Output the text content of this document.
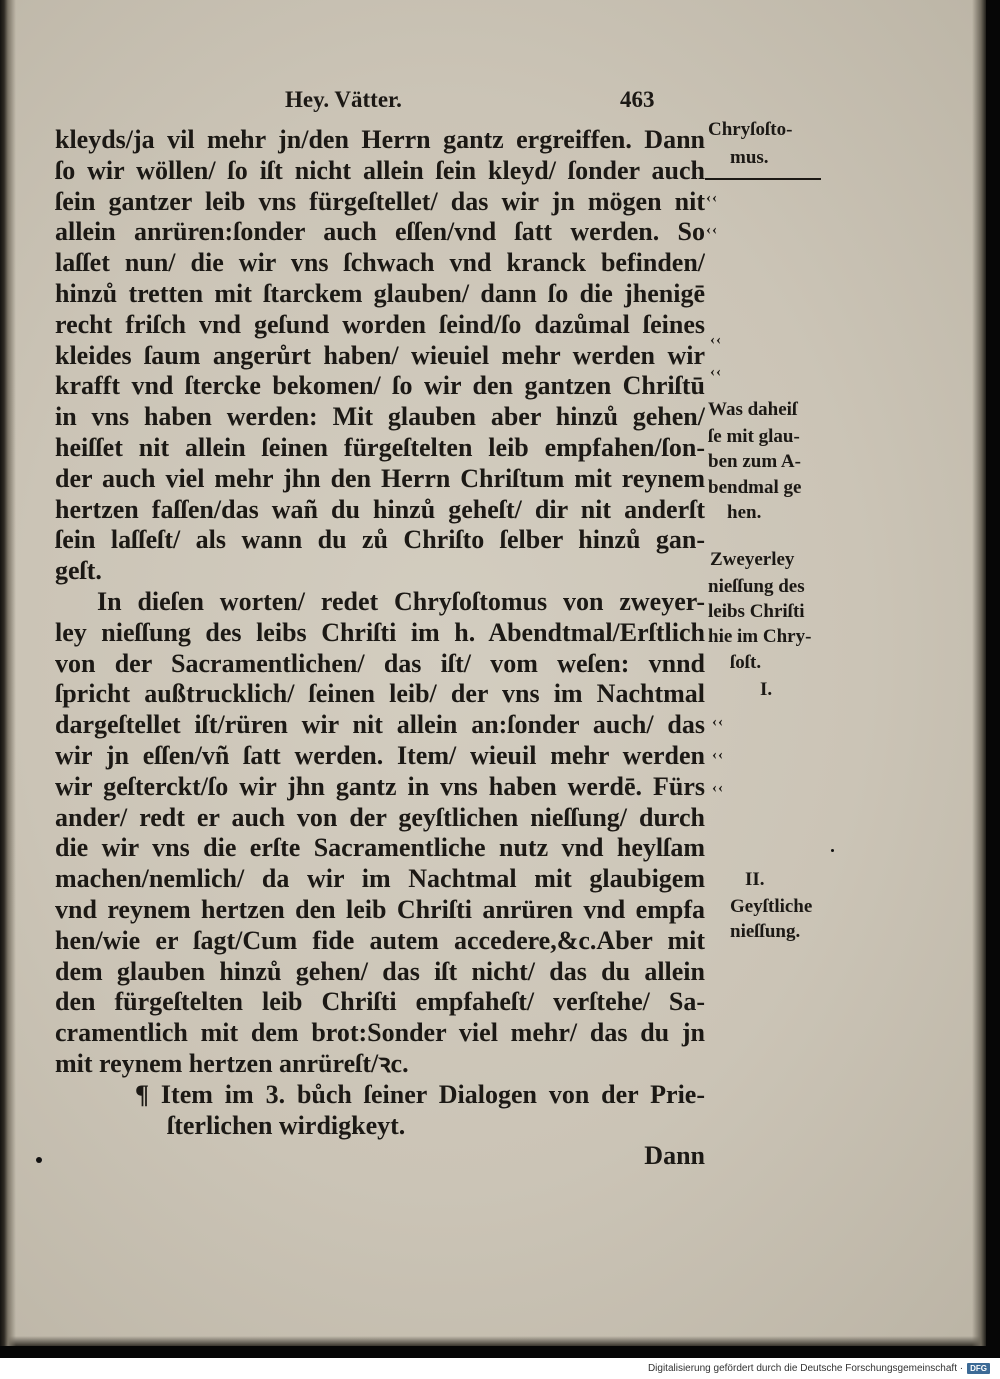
Hey. Vätter.	463
kleyds/ja vil mehr jn/den Herrn gantz ergreiffen. Dann
ſo wir wöllen/ ſo iſt nicht allein ſein kleyd/ ſonder auch
ſein gantzer leib vns fürgeſtellet/ das wir jn mögen nit
allein anrüren:ſonder auch eſſen/vnd ſatt werden. So
laſſet nun/ die wir vns ſchwach vnd kranck befinden/
hinzů tretten mit ſtarckem glauben/ dann ſo die jhenigē
recht friſch vnd geſund worden ſeind/ſo dazůmal ſeines
kleides ſaum angerůrt haben/ wieuiel mehr werden wir
krafft vnd ſtercke bekomen/ ſo wir den gantzen Chriſtū
in vns haben werden: Mit glauben aber hinzů gehen/
heiſſet nit allein ſeinen fürgeſtelten leib empfahen/ſon-
der auch viel mehr jhn den Herrn Chriſtum mit reynem
hertzen faſſen/das wañ du hinzů geheſt/ dir nit anderſt
ſein laſſeſt/ als wann du zů Chriſto ſelber hinzů gan-
geſt.
In dieſen worten/ redet Chryſoſtomus von zweyer-
ley nieſſung des leibs Chriſti im h. Abendtmal/Erſtlich
von der Sacramentlichen/ das iſt/ vom weſen: vnnd
ſpricht außtrucklich/ ſeinen leib/ der vns im Nachtmal
dargeſtellet iſt/rüren wir nit allein an:ſonder auch/ das
wir jn eſſen/vñ ſatt werden. Item/ wieuil mehr werden
wir geſterckt/ſo wir jhn gantz in vns haben werdē. Fürs
ander/ redt er auch von der geyſtlichen nieſſung/ durch
die wir vns die erſte Sacramentliche nutz vnd heylſam
machen/nemlich/ da wir im Nachtmal mit glaubigem
vnd reynem hertzen den leib Chriſti anrüren vnd empfa
hen/wie er ſagt/Cum fide autem accedere,&c.Aber mit
dem glauben hinzů gehen/ das iſt nicht/ das du allein
den fürgeſtelten leib Chriſti empfaheſt/ verſtehe/ Sa-
cramentlich mit dem brot:Sonder viel mehr/ das du jn
mit reynem hertzen anrüreſt/ꝛc.
¶ Item im 3. bůch ſeiner Dialogen von der Prie-
ſterlichen wirdigkeyt.
Dann
Chryſoſto-
mus.
‹‹
‹‹
‹‹
‹‹
Was daheiſ
ſe mit glau-
ben zum A-
bendmal ge
hen.
Zweyerley
nieſſung des
leibs Chriſti
hie im Chry-
ſoſt.
I.
‹‹
‹‹
‹‹
II.
Geyſtliche
nieſſung.
Digitalisierung gefördert durch die Deutsche Forschungsgemeinschaft · DFG
